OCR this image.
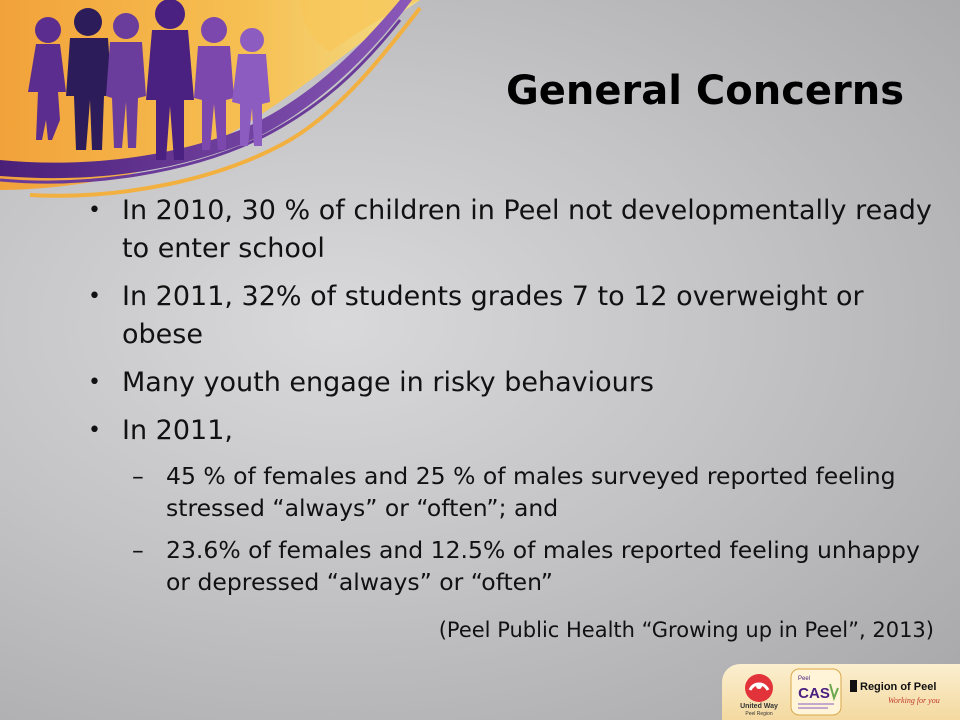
General Concerns
• In 2010, 30 % of children in Peel not developmentally ready to enter school
• In 2011, 32% of students grades 7 to 12 overweight or obese
• Many youth engage in risky behaviours
• In 2011,
– 45 % of females and 25 % of males surveyed reported feeling stressed “always” or “often”; and
– 23.6% of females and 12.5% of males reported feeling unhappy or depressed “always” or “often”
(Peel Public Health “Growing up in Peel”, 2013)
United Way
Peel Region
Peel
CAS	Region of Peel
Working for you
